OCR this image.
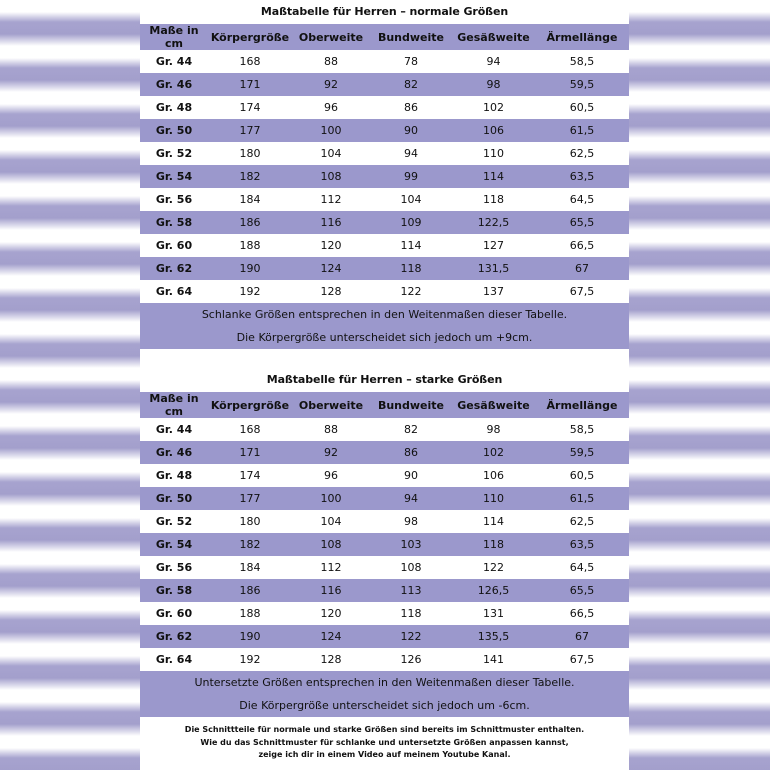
Maßtabelle für Herren – normale Größen
Maße in cm	Körpergröße	Oberweite	Bundweite	Gesäßweite	Ärmellänge
Gr. 44	168	88	78	94	58,5
Gr. 46	171	92	82	98	59,5
Gr. 48	174	96	86	102	60,5
Gr. 50	177	100	90	106	61,5
Gr. 52	180	104	94	110	62,5
Gr. 54	182	108	99	114	63,5
Gr. 56	184	112	104	118	64,5
Gr. 58	186	116	109	122,5	65,5
Gr. 60	188	120	114	127	66,5
Gr. 62	190	124	118	131,5	67
Gr. 64	192	128	122	137	67,5
Schlanke Größen entsprechen in den Weitenmaßen dieser Tabelle.
Die Körpergröße unterscheidet sich jedoch um +9cm.
Maßtabelle für Herren – starke Größen
Maße in cm	Körpergröße	Oberweite	Bundweite	Gesäßweite	Ärmellänge
Gr. 44	168	88	82	98	58,5
Gr. 46	171	92	86	102	59,5
Gr. 48	174	96	90	106	60,5
Gr. 50	177	100	94	110	61,5
Gr. 52	180	104	98	114	62,5
Gr. 54	182	108	103	118	63,5
Gr. 56	184	112	108	122	64,5
Gr. 58	186	116	113	126,5	65,5
Gr. 60	188	120	118	131	66,5
Gr. 62	190	124	122	135,5	67
Gr. 64	192	128	126	141	67,5
Untersetzte Größen entsprechen in den Weitenmaßen dieser Tabelle.
Die Körpergröße unterscheidet sich jedoch um -6cm.
Die Schnittteile für normale und starke Größen sind bereits im Schnittmuster enthalten.
Wie du das Schnittmuster für schlanke und untersetzte Größen anpassen kannst,
zeige ich dir in einem Video auf meinem Youtube Kanal.
